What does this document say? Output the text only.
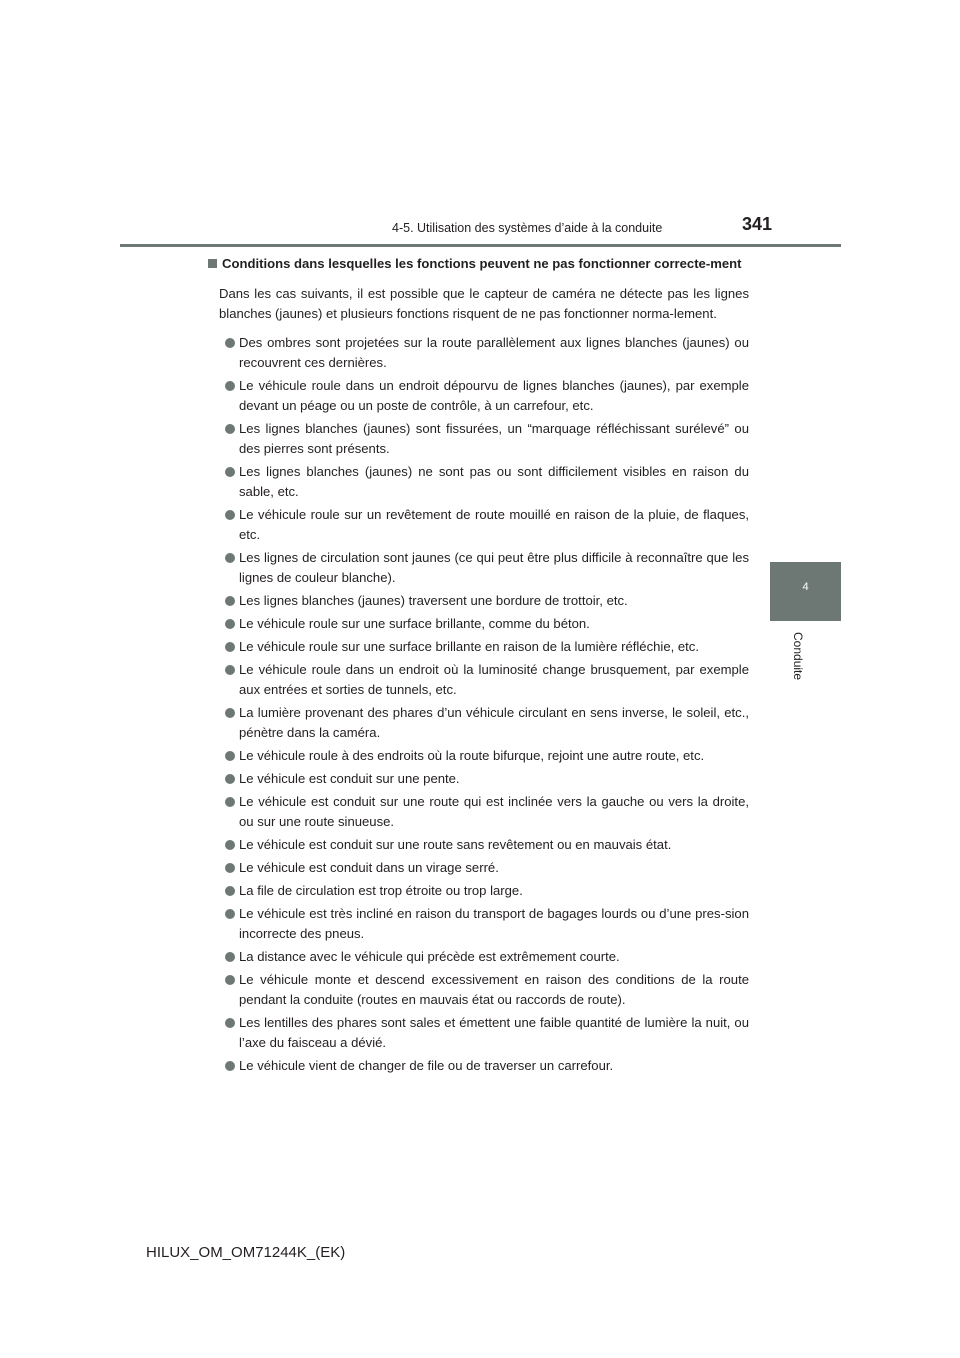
4-5. Utilisation des systèmes d’aide à la conduite	341
4
Conduite
Conditions dans lesquelles les fonctions peuvent ne pas fonctionner correcte-ment

Dans les cas suivants, il est possible que le capteur de caméra ne détecte pas les lignes blanches (jaunes) et plusieurs fonctions risquent de ne pas fonctionner norma-lement.

Des ombres sont projetées sur la route parallèlement aux lignes blanches (jaunes) ou recouvrent ces dernières.
Le véhicule roule dans un endroit dépourvu de lignes blanches (jaunes), par exemple devant un péage ou un poste de contrôle, à un carrefour, etc.
Les lignes blanches (jaunes) sont fissurées, un “marquage réfléchissant surélevé” ou des pierres sont présents.
Les lignes blanches (jaunes) ne sont pas ou sont difficilement visibles en raison du sable, etc.
Le véhicule roule sur un revêtement de route mouillé en raison de la pluie, de flaques, etc.
Les lignes de circulation sont jaunes (ce qui peut être plus difficile à reconnaître que les lignes de couleur blanche).
Les lignes blanches (jaunes) traversent une bordure de trottoir, etc.
Le véhicule roule sur une surface brillante, comme du béton.
Le véhicule roule sur une surface brillante en raison de la lumière réfléchie, etc.
Le véhicule roule dans un endroit où la luminosité change brusquement, par exemple aux entrées et sorties de tunnels, etc.
La lumière provenant des phares d’un véhicule circulant en sens inverse, le soleil, etc., pénètre dans la caméra.
Le véhicule roule à des endroits où la route bifurque, rejoint une autre route, etc.
Le véhicule est conduit sur une pente.
Le véhicule est conduit sur une route qui est inclinée vers la gauche ou vers la droite, ou sur une route sinueuse.
Le véhicule est conduit sur une route sans revêtement ou en mauvais état.
Le véhicule est conduit dans un virage serré.
La file de circulation est trop étroite ou trop large.
Le véhicule est très incliné en raison du transport de bagages lourds ou d’une pres-sion incorrecte des pneus.
La distance avec le véhicule qui précède est extrêmement courte.
Le véhicule monte et descend excessivement en raison des conditions de la route pendant la conduite (routes en mauvais état ou raccords de route).
Les lentilles des phares sont sales et émettent une faible quantité de lumière la nuit, ou l’axe du faisceau a dévié.
Le véhicule vient de changer de file ou de traverser un carrefour.
HILUX_OM_OM71244K_(EK)
